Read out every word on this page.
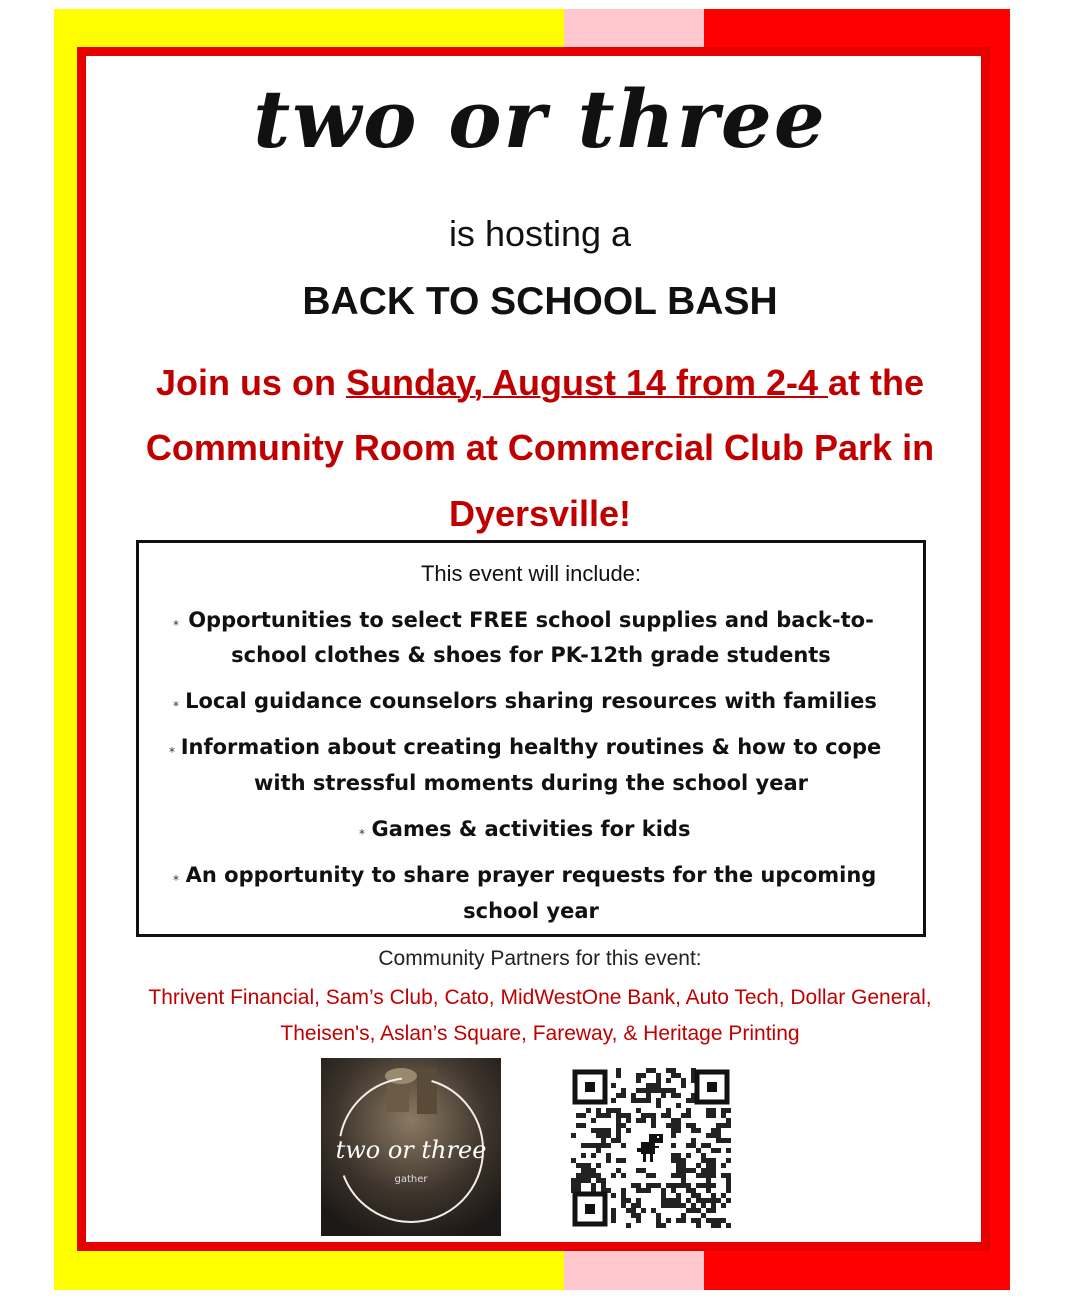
two or three
is hosting a
BACK TO SCHOOL BASH
Join us on Sunday, August 14 from 2-4 at the
Community Room at Commercial Club Park in
Dyersville!
This event will include:
* Opportunities to select FREE school supplies and back-to-
school clothes & shoes for PK-12th grade students
* Local guidance counselors sharing resources with families
* Information about creating healthy routines & how to cope
with stressful moments during the school year
* Games & activities for kids
* An opportunity to share prayer requests for the upcoming
school year
Community Partners for this event:
Thrivent Financial, Sam’s Club, Cato, MidWestOne Bank, Auto Tech, Dollar General,
Theisen's, Aslan’s Square, Fareway, & Heritage Printing
two or three
gather
